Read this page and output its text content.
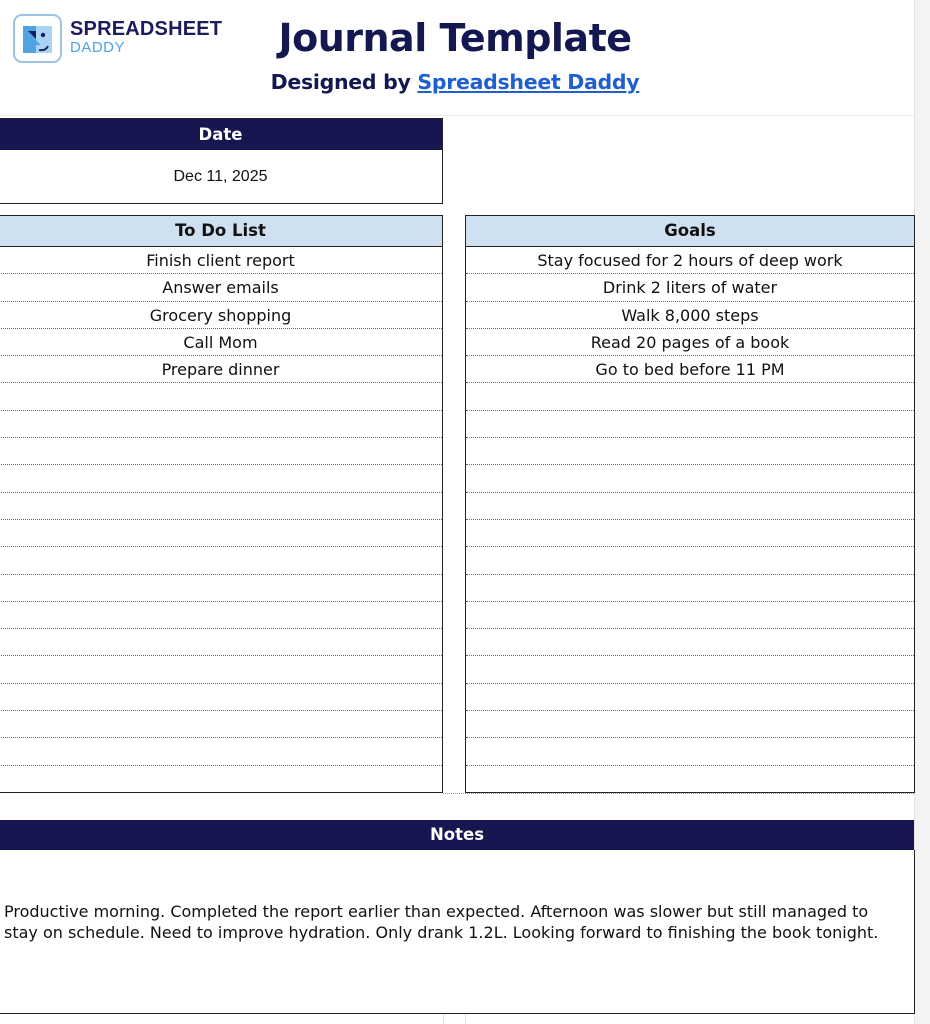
SPREADSHEET
DADDY	Journal Template
Designed by Spreadsheet Daddy
Date
Dec 11, 2025
To Do List
Finish client report
Answer emails
Grocery shopping
Call Mom
Prepare dinner
Goals
Stay focused for 2 hours of deep work
Drink 2 liters of water
Walk 8,000 steps
Read 20 pages of a book
Go to bed before 11 PM
Notes
Productive morning. Completed the report earlier than expected. Afternoon was slower but still managed to stay on schedule. Need to improve hydration. Only drank 1.2L. Looking forward to finishing the book tonight.
